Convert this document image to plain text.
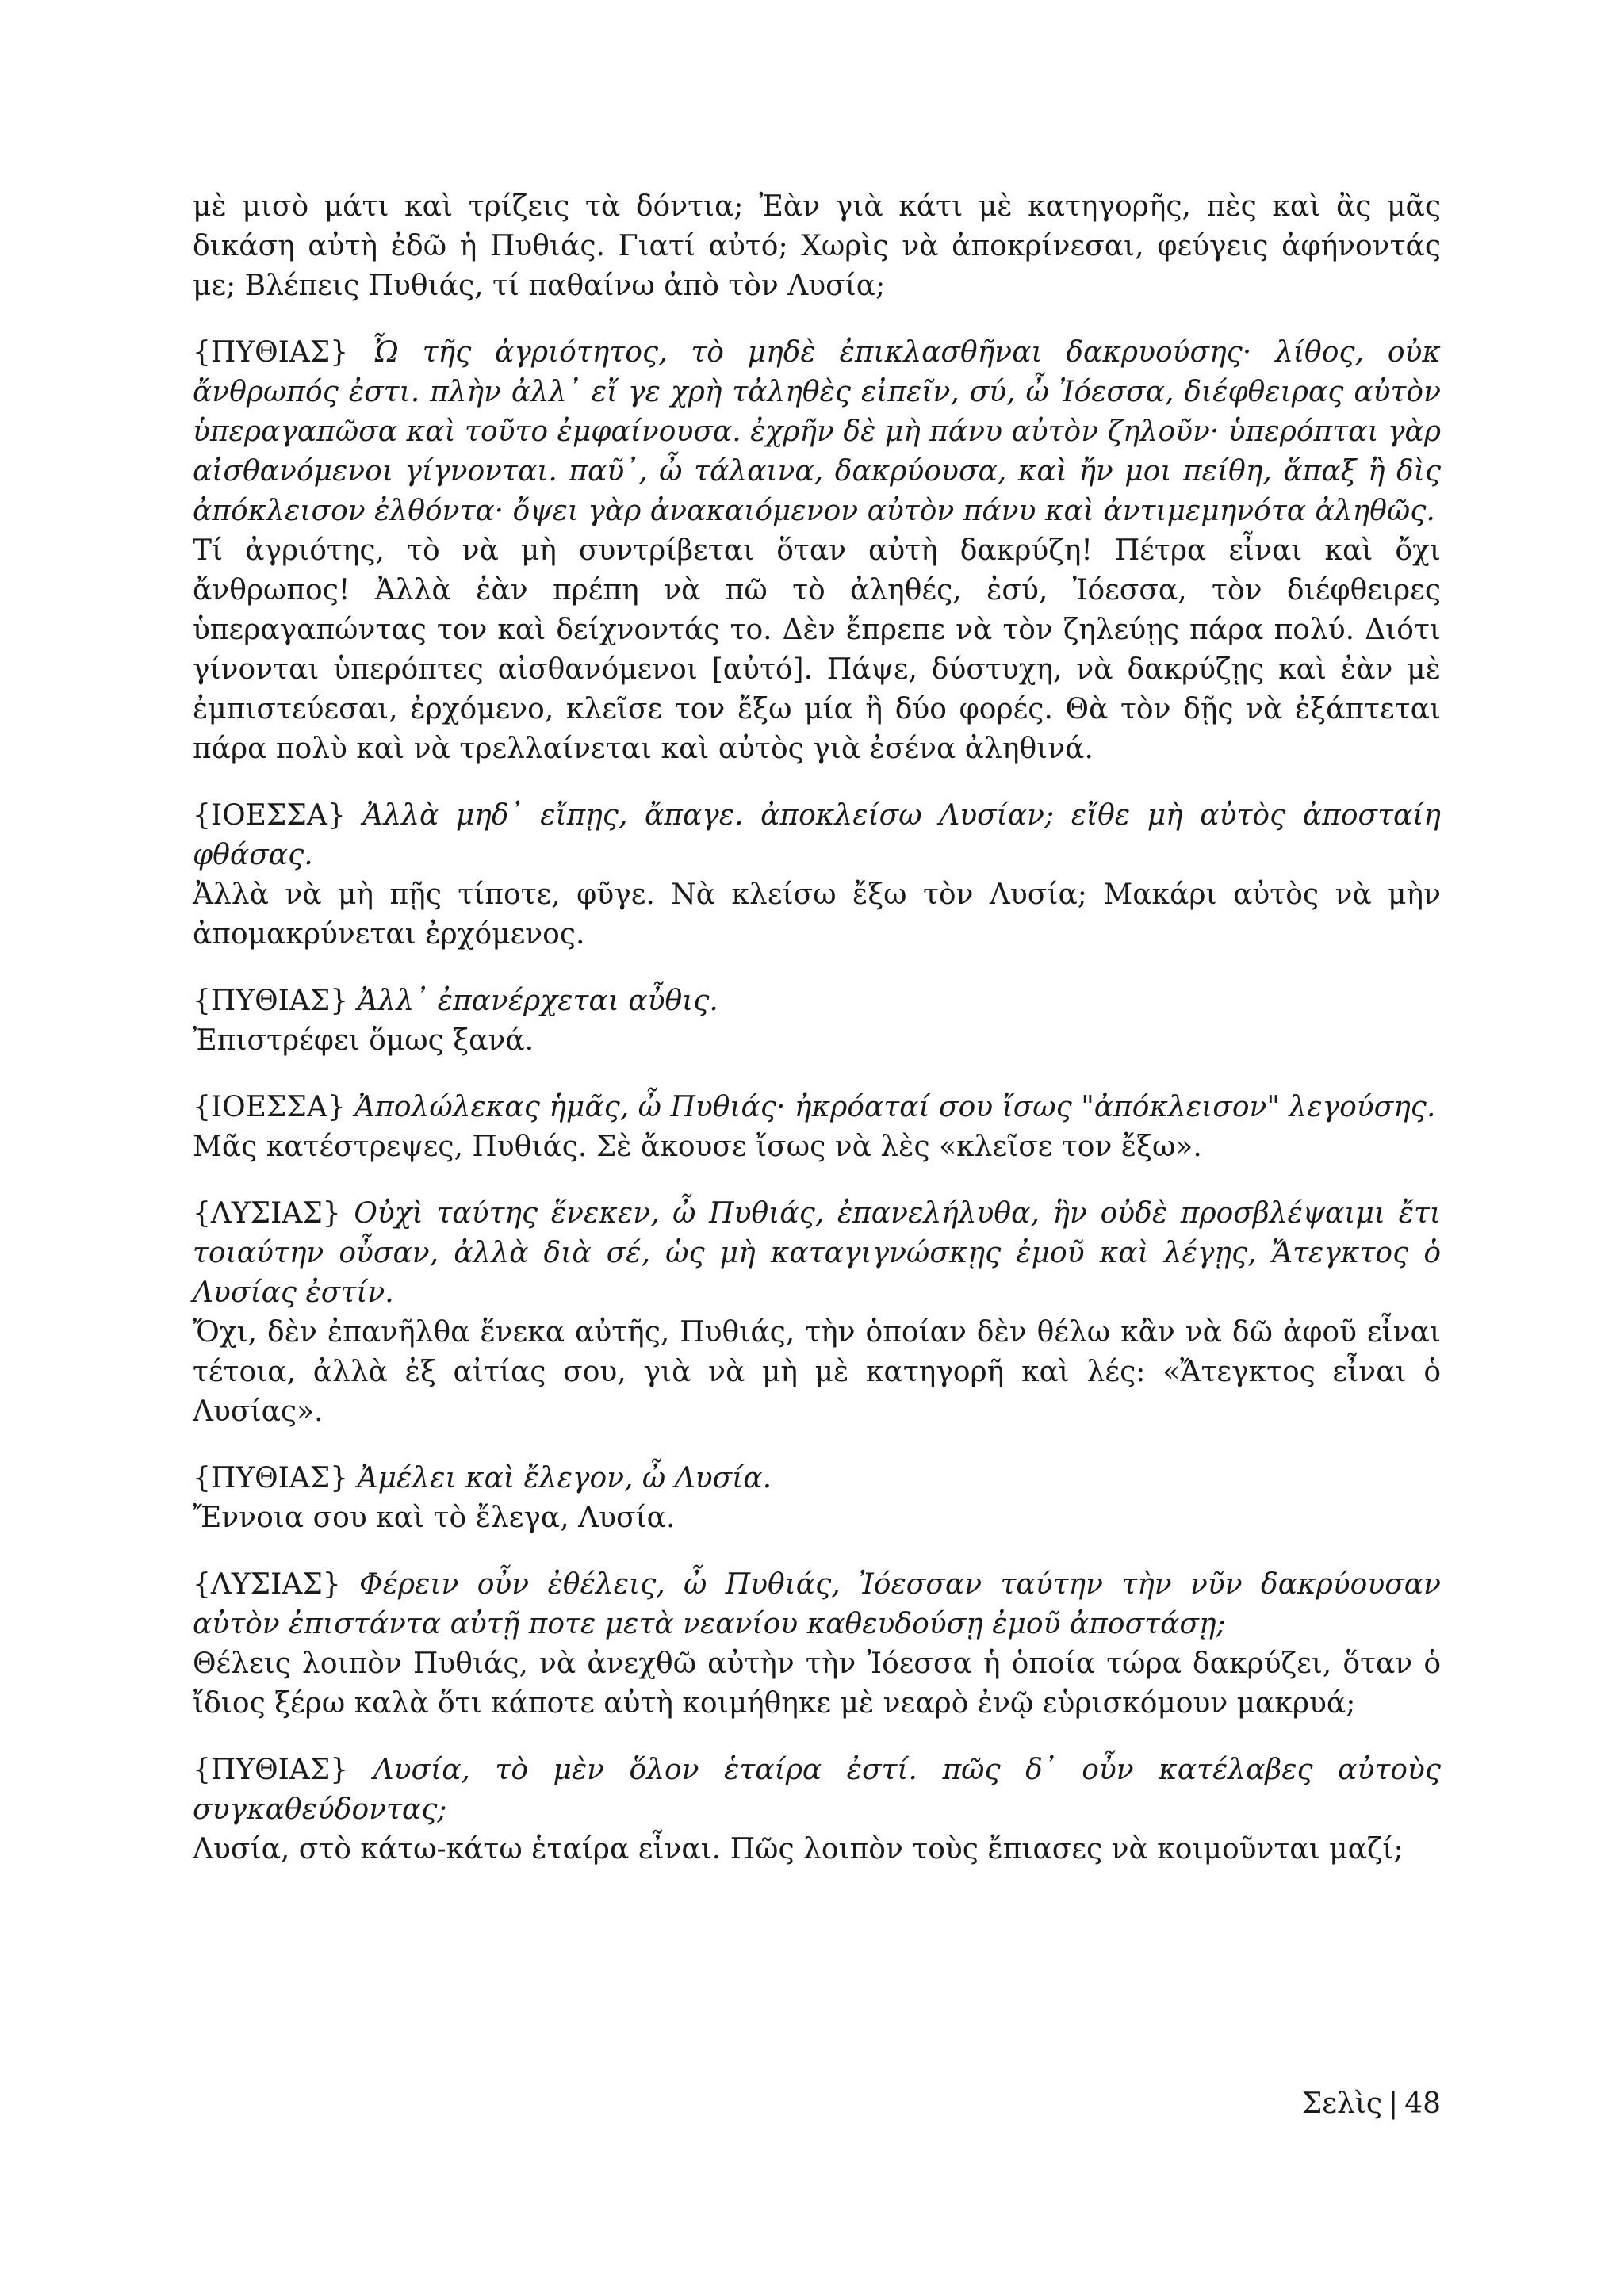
μὲ μισὸ μάτι καὶ τρίζεις τὰ δόντια; Ἐὰν γιὰ κάτι μὲ κατηγορῆς, πὲς καὶ ἂς μᾶς δικάση αὐτὴ ἐδῶ ἡ Πυθιάς. Γιατί αὐτό; Χωρὶς νὰ ἀποκρίνεσαι, φεύγεις ἀφήνοντάς με; Βλέπεις Πυθιάς, τί παθαίνω ἀπὸ τὸν Λυσία;

{ΠΥΘΙΑΣ} Ὦ τῆς ἀγριότητος, τὸ μηδὲ ἐπικλασθῆναι δακρυούσης· λίθος, οὐκ ἄνθρωπός ἐστι. πλὴν ἀλλ᾽ εἴ γε χρὴ τἀληθὲς εἰπεῖν, σύ, ὦ Ἰόεσσα, διέφθειρας αὐτὸν ὑπεραγαπῶσα καὶ τοῦτο ἐμφαίνουσα. ἐχρῆν δὲ μὴ πάνυ αὐτὸν ζηλοῦν· ὑπερόπται γὰρ αἰσθανόμενοι γίγνονται. παῦ᾽, ὦ τάλαινα, δακρύουσα, καὶ ἤν μοι πείθη, ἅπαξ ἢ δὶς ἀπόκλεισον ἐλθόντα· ὄψει γὰρ ἀνακαιόμενον αὐτὸν πάνυ καὶ ἀντιμεμηνότα ἀληθῶς.

Τί ἀγριότης, τὸ νὰ μὴ συντρίβεται ὅταν αὐτὴ δακρύζη! Πέτρα εἶναι καὶ ὄχι ἄνθρωπος! Ἀλλὰ ἐὰν πρέπη νὰ πῶ τὸ ἀληθές, ἐσύ, Ἰόεσσα, τὸν διέφθειρες ὑπεραγαπώντας τον καὶ δείχνοντάς το. Δὲν ἔπρεπε νὰ τὸν ζηλεύῃς πάρα πολύ. Διότι γίνονται ὑπερόπτες αἰσθανόμενοι [αὐτό]. Πάψε, δύστυχη, νὰ δακρύζῃς καὶ ἐὰν μὲ ἐμπιστεύεσαι, ἐρχόμενο, κλεῖσε τον ἔξω μία ἢ δύο φορές. Θὰ τὸν δῇς νὰ ἐξάπτεται πάρα πολὺ καὶ νὰ τρελλαίνεται καὶ αὐτὸς γιὰ ἐσένα ἀληθινά.

{ΙΟΕΣΣΑ} Ἀλλὰ μηδ᾽ εἴπῃς, ἄπαγε. ἀποκλείσω Λυσίαν; εἴθε μὴ αὐτὸς ἀποσταίη φθάσας.

Ἀλλὰ νὰ μὴ πῇς τίποτε, φῦγε. Νὰ κλείσω ἔξω τὸν Λυσία; Μακάρι αὐτὸς νὰ μὴν ἀπομακρύνεται ἐρχόμενος.

{ΠΥΘΙΑΣ} Ἀλλ᾽ ἐπανέρχεται αὖθις.

Ἐπιστρέφει ὅμως ξανά.

{ΙΟΕΣΣΑ} Ἀπολώλεκας ἡμᾶς, ὦ Πυθιάς· ἠκρόαταί σου ἴσως "ἀπόκλεισον" λεγούσης.

Μᾶς κατέστρεψες, Πυθιάς. Σὲ ἄκουσε ἴσως νὰ λὲς «κλεῖσε τον ἔξω».

{ΛΥΣΙΑΣ} Οὐχὶ ταύτης ἕνεκεν, ὦ Πυθιάς, ἐπανελήλυθα, ἣν οὐδὲ προσβλέψαιμι ἔτι τοιαύτην οὖσαν, ἀλλὰ διὰ σέ, ὡς μὴ καταγιγνώσκῃς ἐμοῦ καὶ λέγῃς, Ἄτεγκτος ὁ Λυσίας ἐστίν.

Ὄχι, δὲν ἐπανῆλθα ἕνεκα αὐτῆς, Πυθιάς, τὴν ὁποίαν δὲν θέλω κἂν νὰ δῶ ἀφοῦ εἶναι τέτοια, ἀλλὰ ἐξ αἰτίας σου, γιὰ νὰ μὴ μὲ κατηγορῆ καὶ λές: «Ἄτεγκτος εἶναι ὁ Λυσίας».

{ΠΥΘΙΑΣ} Ἀμέλει καὶ ἔλεγον, ὦ Λυσία.

Ἔννοια σου καὶ τὸ ἔλεγα, Λυσία.

{ΛΥΣΙΑΣ} Φέρειν οὖν ἐθέλεις, ὦ Πυθιάς, Ἰόεσσαν ταύτην τὴν νῦν δακρύουσαν αὐτὸν ἐπιστάντα αὐτῇ ποτε μετὰ νεανίου καθευδούσῃ ἐμοῦ ἀποστάσῃ;

Θέλεις λοιπὸν Πυθιάς, νὰ ἀνεχθῶ αὐτὴν τὴν Ἰόεσσα ἡ ὁποία τώρα δακρύζει, ὅταν ὁ ἴδιος ξέρω καλὰ ὅτι κάποτε αὐτὴ κοιμήθηκε μὲ νεαρὸ ἐνῷ εὑρισκόμουν μακρυά;

{ΠΥΘΙΑΣ} Λυσία, τὸ μὲν ὅλον ἑταίρα ἐστί. πῶς δ᾽ οὖν κατέλαβες αὐτοὺς συγκαθεύδοντας;

Λυσία, στὸ κάτω-κάτω ἑταίρα εἶναι. Πῶς λοιπὸν τοὺς ἔπιασες νὰ κοιμοῦνται μαζί;

Σελὶς | 48
